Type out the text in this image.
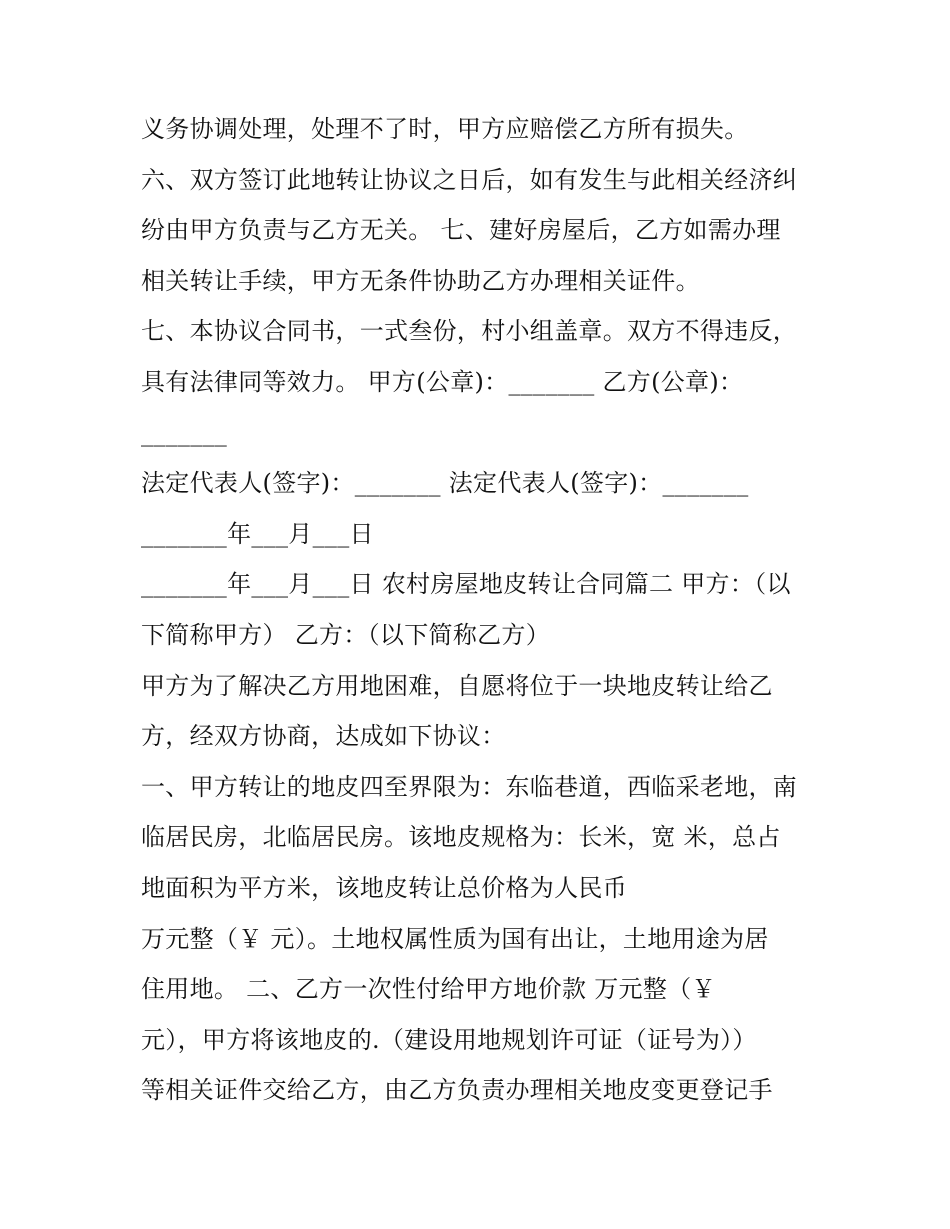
义务协调处理，处理不了时，甲方应赔偿乙方所有损失。
六、双方签订此地转让协议之日后，如有发生与此相关经济纠
纷由甲方负责与乙方无关。 七、建好房屋后，乙方如需办理
相关转让手续，甲方无条件协助乙方办理相关证件。
七、本协议合同书，一式叁份，村小组盖章。双方不得违反，
具有法律同等效力。 甲方(公章)：_______ 乙方(公章)：
_______
法定代表人(签字)：_______ 法定代表人(签字)：_______
_______年___月___日
_______年___月___日 农村房屋地皮转让合同篇二 甲方：（以
下简称甲方） 乙方：（以下简称乙方）
甲方为了解决乙方用地困难，自愿将位于一块地皮转让给乙
方，经双方协商，达成如下协议：
一、甲方转让的地皮四至界限为：东临巷道，西临采老地，南
临居民房，北临居民房。该地皮规格为：长米，宽 米，总占
地面积为平方米，该地皮转让总价格为人民币
万元整（￥ 元）。土地权属性质为国有出让，土地用途为居
住用地。 二、乙方一次性付给甲方地价款 万元整（￥
元），甲方将该地皮的.（建设用地规划许可证（证号为））
等相关证件交给乙方，由乙方负责办理相关地皮变更登记手
